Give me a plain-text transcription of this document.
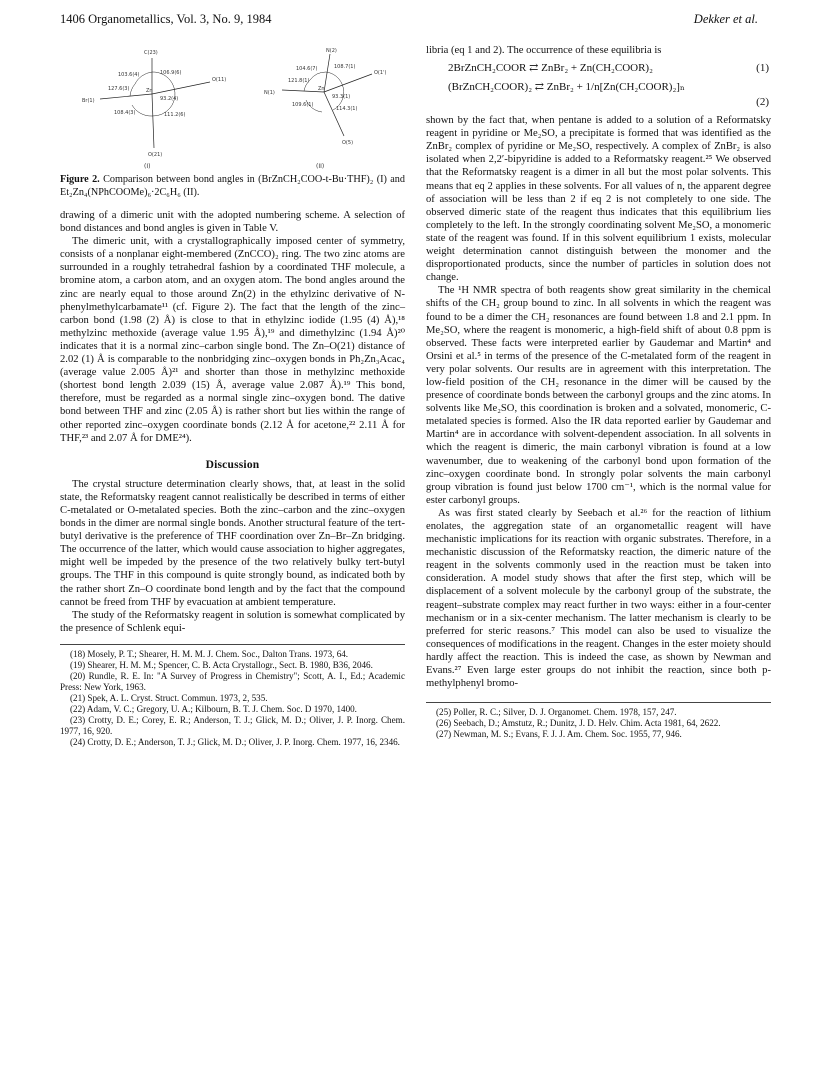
1406 Organometallics, Vol. 3, No. 9, 1984	Dekker et al.
C(23)
103.6(4)	106.9(6)
O(11)
127.6(3)	Zn
Br(1)	93.2(4)
108.4(3)	111.2(6)
O(21)
(I)
N(2)
104.6(7)	108.7(1)
O(1')
121.8(1)
N(1)
Zn
93.3(1)
109.6(1)
114.3(1)
O(5)
(II)

Figure 2. Comparison between bond angles in (BrZnCH₂COO-t-Bu·THF)₂ (I) and Et₂Zn₄(NPhCOOMe)₆·2C₆H₆ (II).

drawing of a dimeric unit with the adopted numbering scheme. A selection of bond distances and bond angles is given in Table V.

The dimeric unit, with a crystallographically imposed center of symmetry, consists of a nonplanar eight-membered (ZnCCO)₂ ring. The two zinc atoms are surrounded in a roughly tetrahedral fashion by a coordinated THF molecule, a bromine atom, a carbon atom, and an oxygen atom. The bond angles around the zinc are nearly equal to those around Zn(2) in the ethylzinc derivative of N-phenylmethylcarbamate¹¹ (cf. Figure 2). The fact that the length of the zinc–carbon bond (1.98 (2) Å) is close to that in ethylzinc iodide (1.95 (4) Å),¹⁸ methylzinc methoxide (average value 1.95 Å),¹⁹ and dimethylzinc (1.94 Å)²⁰ indicates that it is a normal zinc–carbon single bond. The Zn–O(21) distance of 2.02 (1) Å is comparable to the nonbridging zinc–oxygen bonds in Ph₂Zn₃Acac₄ (average value 2.005 Å)²¹ and shorter than those in methylzinc methoxide (shortest bond length 2.039 (15) Å, average value 2.087 Å).¹⁹ This bond, therefore, must be regarded as a normal single zinc–oxygen bond. The dative bond between THF and zinc (2.05 Å) is rather short but lies within the range of other reported zinc–oxygen coordinate bonds (2.12 Å for acetone,²² 2.11 Å for THF,²³ and 2.07 Å for DME²⁴).

Discussion

The crystal structure determination clearly shows, that, at least in the solid state, the Reformatsky reagent cannot realistically be described in terms of either C-metalated or O-metalated species. Both the zinc–carbon and the zinc–oxygen bonds in the dimer are normal single bonds. Another structural feature of the tert-butyl derivative is the preference of THF coordination over Zn–Br–Zn bridging. The occurrence of the latter, which would cause association to higher aggregates, might well be impeded by the presence of the two relatively bulky tert-butyl groups. The THF in this compound is quite strongly bound, as indicated both by the rather short Zn–O coordinate bond length and by the fact that the compound cannot be freed from THF by evacuation at ambient temperature.

The study of the Reformatsky reagent in solution is somewhat complicated by the presence of Schlenk equi-

(18) Mosely, P. T.; Shearer, H. M. M. J. Chem. Soc., Dalton Trans. 1973, 64.
(19) Shearer, H. M. M.; Spencer, C. B. Acta Crystallogr., Sect. B. 1980, B36, 2046.
(20) Rundle, R. E. In: "A Survey of Progress in Chemistry"; Scott, A. I., Ed.; Academic Press: New York, 1963.
(21) Spek, A. L. Cryst. Struct. Commun. 1973, 2, 535.
(22) Adam, V. C.; Gregory, U. A.; Kilbourn, B. T. J. Chem. Soc. D 1970, 1400.
(23) Crotty, D. E.; Corey, E. R.; Anderson, T. J.; Glick, M. D.; Oliver, J. P. Inorg. Chem. 1977, 16, 920.
(24) Crotty, D. E.; Anderson, T. J.; Glick, M. D.; Oliver, J. P. Inorg. Chem. 1977, 16, 2346.

libria (eq 1 and 2). The occurrence of these equilibria is

2BrZnCH₂COOR ⇄ ZnBr₂ + Zn(CH₂COOR)₂	(1)
(BrZnCH₂COOR)₂ ⇄ ZnBr₂ + 1/n[Zn(CH₂COOR)₂]ₙ
(2)

shown by the fact that, when pentane is added to a solution of a Reformatsky reagent in pyridine or Me₂SO, a precipitate is formed that was identified as the ZnBr₂ complex of pyridine or Me₂SO, respectively. A complex of ZnBr₂ is also isolated when 2,2′-bipyridine is added to a Reformatsky reagent.²⁵ We observed that the Reformatsky reagent is a dimer in all but the most polar solvents. This means that eq 2 applies in these solvents. For all values of n, the apparent degree of association will be less than 2 if eq 2 is not completely to one side. The observed dimeric state of the reagent thus indicates that this equilibrium lies completely to the left. In the strongly coordinating solvent Me₂SO, a monomeric state of the reagent was found. If in this solvent equilibrium 1 exists, molecular weight determination cannot distinguish between the monomer and the disproportionated products, since the number of particles in solution does not change.

The ¹H NMR spectra of both reagents show great similarity in the chemical shifts of the CH₂ group bound to zinc. In all solvents in which the reagent was found to be a dimer the CH₂ resonances are found between 1.8 and 2.1 ppm. In Me₂SO, where the reagent is monomeric, a high-field shift of about 0.8 ppm is observed. These facts were interpreted earlier by Gaudemar and Martin⁴ and Orsini et al.⁵ in terms of the presence of the C-metalated form of the reagent in very polar solvents. Our results are in agreement with this interpretation. The low-field position of the CH₂ resonance in the dimer will be caused by the presence of coordinate bonds between the carbonyl groups and the zinc atoms. In solvents like Me₂SO, this coordination is broken and a solvated, monomeric, C-metalated species is formed. Also the IR data reported earlier by Gaudemar and Martin⁴ are in accordance with solvent-dependent association. In all solvents in which the reagent is dimeric, the main carbonyl vibration is found at a low wavenumber, due to weakening of the carbonyl bond upon formation of the zinc–oxygen coordinate bond. In strongly polar solvents the main carbonyl group vibration is found just below 1700 cm⁻¹, which is the normal value for ester carbonyl groups.

As was first stated clearly by Seebach et al.²⁶ for the reaction of lithium enolates, the aggregation state of an organometallic reagent will have mechanistic implications for its reaction with organic substrates. Therefore, in a mechanistic discussion of the Reformatsky reaction, the dimeric nature of the reagent in the solvents commonly used in the reaction must be taken into consideration. A model study shows that after the first step, which will be displacement of a solvent molecule by the carbonyl group of the substrate, the reagent–substrate complex may react further in two ways: either in a four-center mechanism or in a six-center mechanism. The latter mechanism is clearly to be preferred for steric reasons.⁷ This model can also be used to visualize the consequences of modifications in the reagent. Changes in the ester moiety should hardly affect the reaction. This is indeed the case, as shown by Newman and Evans.²⁷ Even large ester groups do not inhibit the reaction, since both p-methylphenyl bromo-

(25) Poller, R. C.; Silver, D. J. Organomet. Chem. 1978, 157, 247.
(26) Seebach, D.; Amstutz, R.; Dunitz, J. D. Helv. Chim. Acta 1981, 64, 2622.
(27) Newman, M. S.; Evans, F. J. J. Am. Chem. Soc. 1955, 77, 946.
